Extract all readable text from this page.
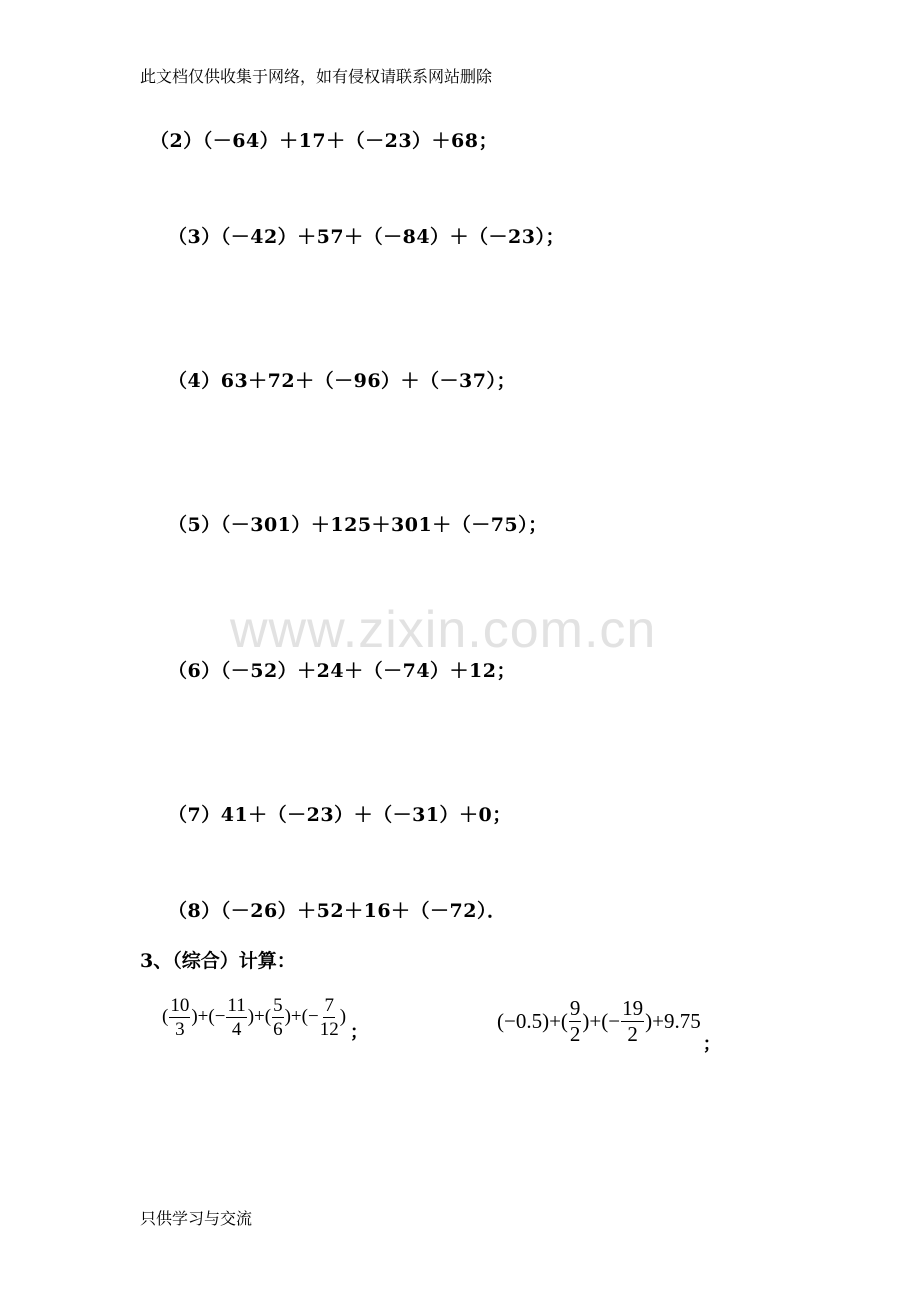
此文档仅供收集于网络，如有侵权请联系网站删除
（2）（－64）＋17＋（－23）＋68；
（3）（－42）＋57＋（－84）＋（－23）；
（4）63＋72＋（－96）＋（－37）；
（5）（－301）＋125＋301＋（－75）；
www.zixin.com.cn
（6）（－52）＋24＋（－74）＋12；
（7）41＋（－23）＋（－31）＋0；
（8）（－26）＋52＋16＋（－72）．
3、（综合）计算：
( $\frac{10}{3}$ ) + (− $\frac{11}{4}$ ) + ( $\frac{5}{6}$ ) + (− $\frac{7}{12}$ )
；	$(-0.5)+( \frac{9}{2}$ ) +(− $\frac{19}{2} )+9.75$
；
只供学习与交流
